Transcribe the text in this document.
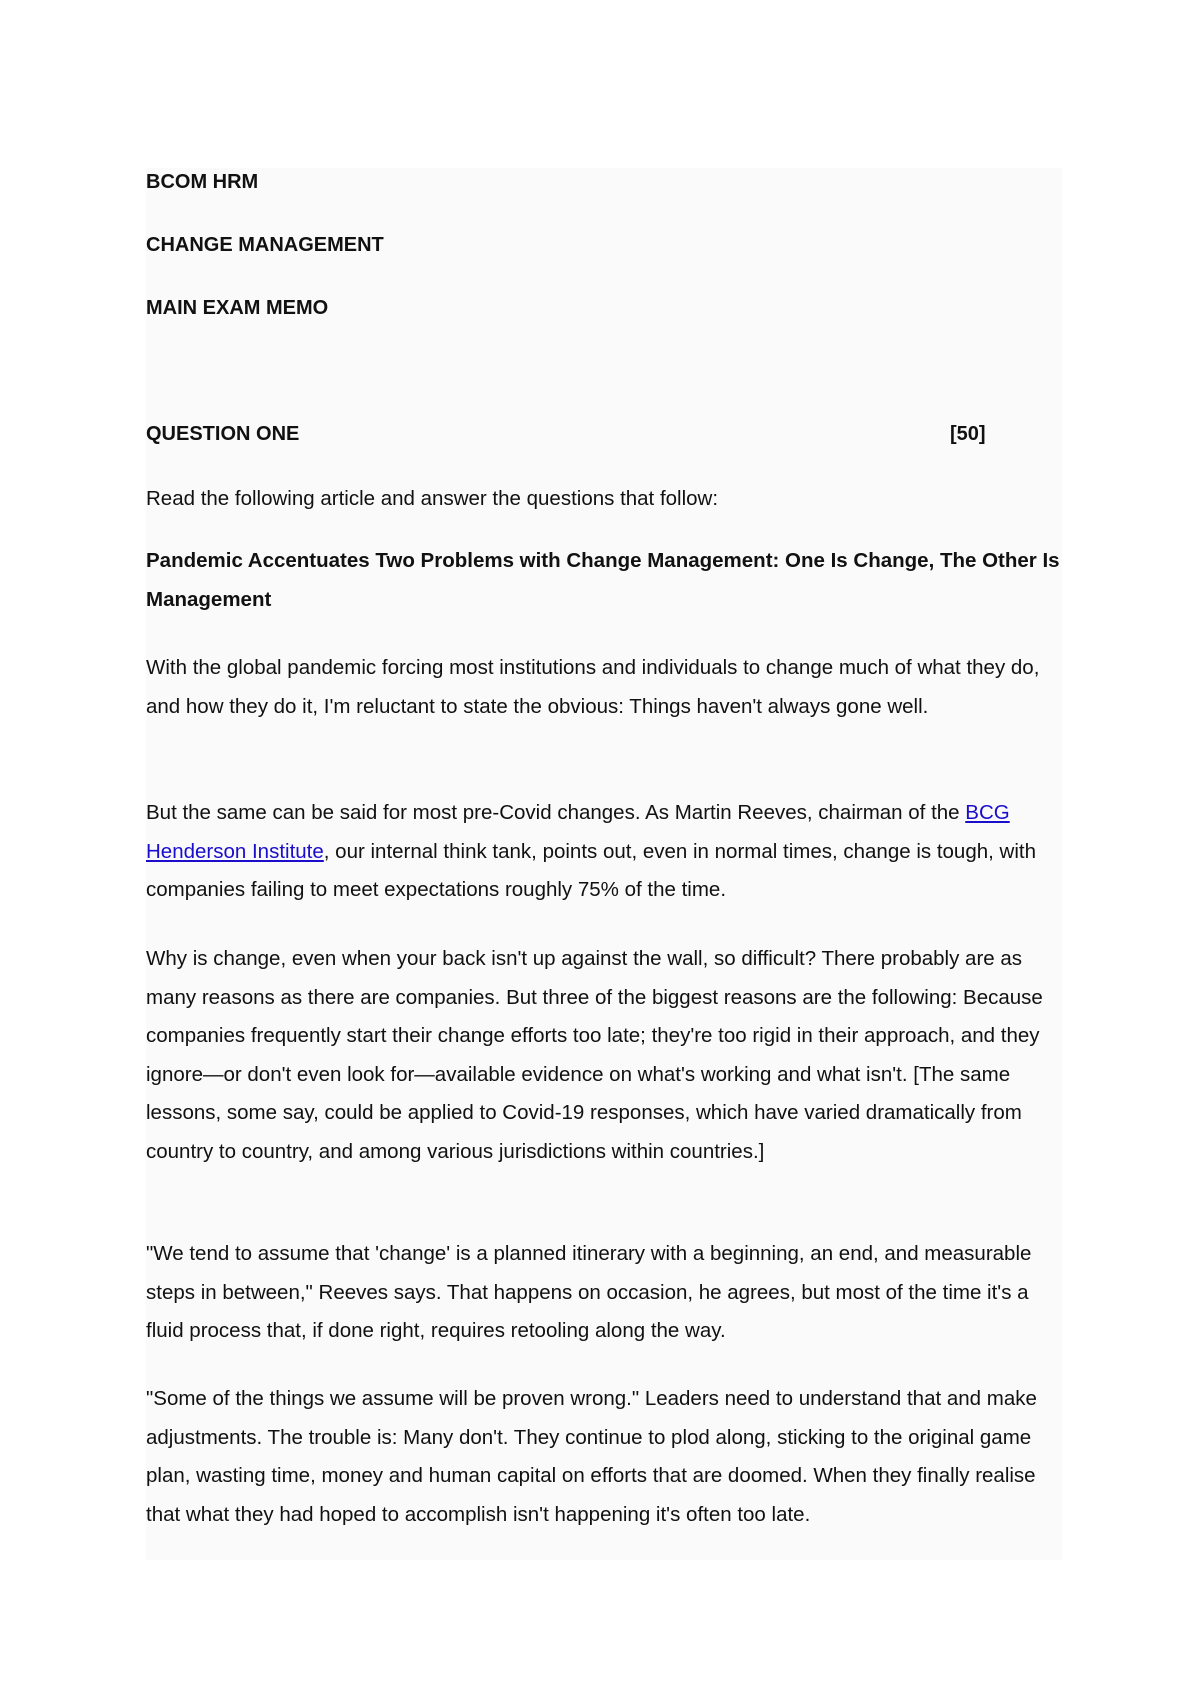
BCOM HRM

CHANGE MANAGEMENT

MAIN EXAM MEMO

QUESTION ONE	[50]

Read the following article and answer the questions that follow:

Pandemic Accentuates Two Problems with Change Management: One Is Change, The Other Is Management

With the global pandemic forcing most institutions and individuals to change much of what they do, and how they do it, I'm reluctant to state the obvious: Things haven't always gone well.

But the same can be said for most pre-Covid changes. As Martin Reeves, chairman of the BCG Henderson Institute, our internal think tank, points out, even in normal times, change is tough, with companies failing to meet expectations roughly 75% of the time.

Why is change, even when your back isn't up against the wall, so difficult? There probably are as many reasons as there are companies. But three of the biggest reasons are the following: Because companies frequently start their change efforts too late; they're too rigid in their approach, and they ignore—or don't even look for—available evidence on what's working and what isn't. [The same lessons, some say, could be applied to Covid-19 responses, which have varied dramatically from country to country, and among various jurisdictions within countries.]

"We tend to assume that 'change' is a planned itinerary with a beginning, an end, and measurable steps in between," Reeves says. That happens on occasion, he agrees, but most of the time it's a fluid process that, if done right, requires retooling along the way.

"Some of the things we assume will be proven wrong." Leaders need to understand that and make adjustments. The trouble is: Many don't. They continue to plod along, sticking to the original game plan, wasting time, money and human capital on efforts that are doomed. When they finally realise that what they had hoped to accomplish isn't happening it's often too late.
